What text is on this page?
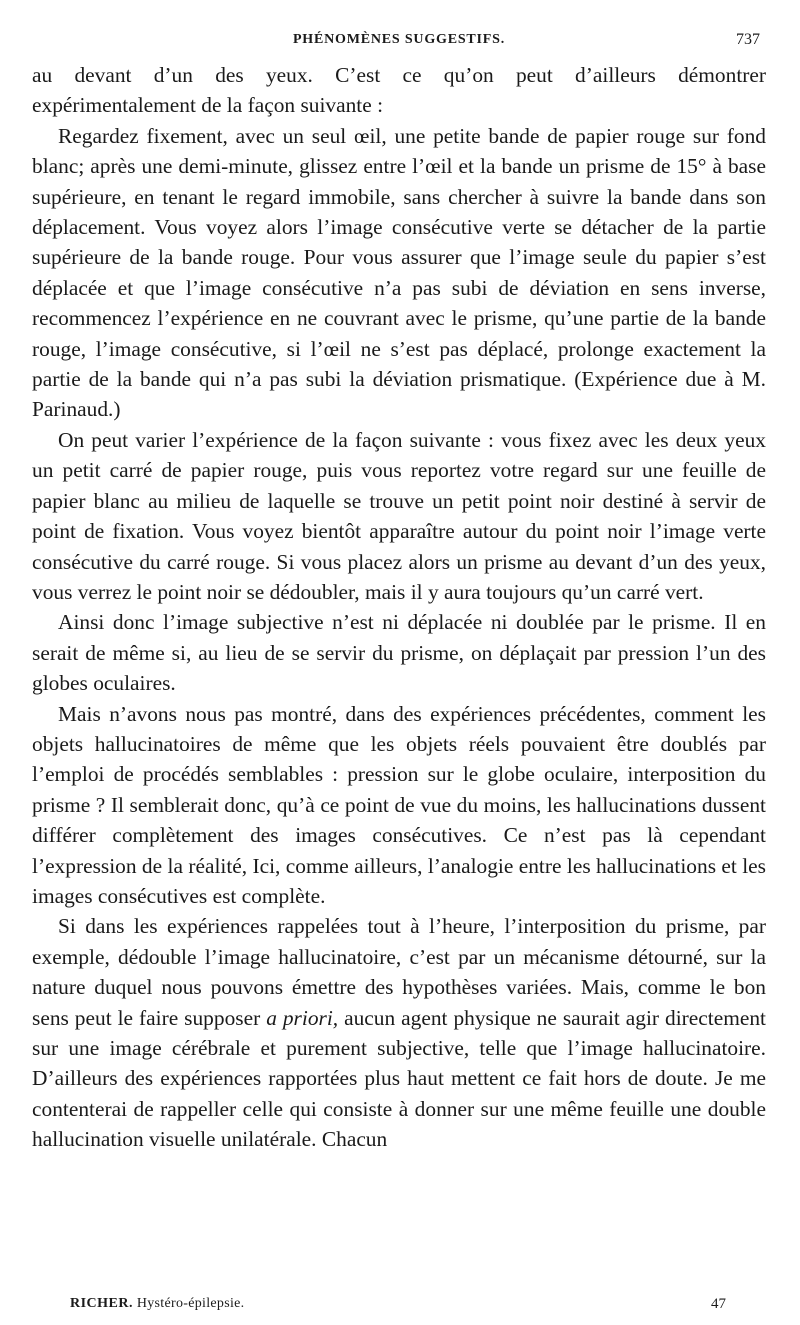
PHÉNOMÈNES SUGGESTIFS.	737

au devant d’un des yeux. C’est ce qu’on peut d’ailleurs démontrer expérimentalement de la façon suivante :

Regardez fixement, avec un seul œil, une petite bande de papier rouge sur fond blanc; après une demi-minute, glissez entre l’œil et la bande un prisme de 15° à base supérieure, en tenant le regard immobile, sans chercher à suivre la bande dans son déplacement. Vous voyez alors l’image consécutive verte se détacher de la partie supérieure de la bande rouge. Pour vous assurer que l’image seule du papier s’est déplacée et que l’image consécutive n’a pas subi de déviation en sens inverse, recommencez l’expérience en ne couvrant avec le prisme, qu’une partie de la bande rouge, l’image consécutive, si l’œil ne s’est pas déplacé, prolonge exactement la partie de la bande qui n’a pas subi la déviation prismatique. (Expérience due à M. Parinaud.)

On peut varier l’expérience de la façon suivante : vous fixez avec les deux yeux un petit carré de papier rouge, puis vous reportez votre regard sur une feuille de papier blanc au milieu de laquelle se trouve un petit point noir destiné à servir de point de fixation. Vous voyez bientôt apparaître autour du point noir l’image verte consécutive du carré rouge. Si vous placez alors un prisme au devant d’un des yeux, vous verrez le point noir se dédoubler, mais il y aura toujours qu’un carré vert.

Ainsi donc l’image subjective n’est ni déplacée ni doublée par le prisme. Il en serait de même si, au lieu de se servir du prisme, on déplaçait par pression l’un des globes oculaires.

Mais n’avons nous pas montré, dans des expériences précédentes, comment les objets hallucinatoires de même que les objets réels pouvaient être doublés par l’emploi de procédés semblables : pression sur le globe oculaire, interposition du prisme ? Il semblerait donc, qu’à ce point de vue du moins, les hallucinations dussent différer complètement des images consécutives. Ce n’est pas là cependant l’expression de la réalité, Ici, comme ailleurs, l’analogie entre les hallucinations et les images consécutives est complète.

Si dans les expériences rappelées tout à l’heure, l’interposition du prisme, par exemple, dédouble l’image hallucinatoire, c’est par un mécanisme détourné, sur la nature duquel nous pouvons émettre des hypothèses variées. Mais, comme le bon sens peut le faire supposer a priori, aucun agent physique ne saurait agir directement sur une image cérébrale et purement subjective, telle que l’image hallucinatoire. D’ailleurs des expériences rapportées plus haut mettent ce fait hors de doute. Je me contenterai de rappeller celle qui consiste à donner sur une même feuille une double hallucination visuelle unilatérale. Chacun

RICHER. Hystéro-épilepsie.	47
